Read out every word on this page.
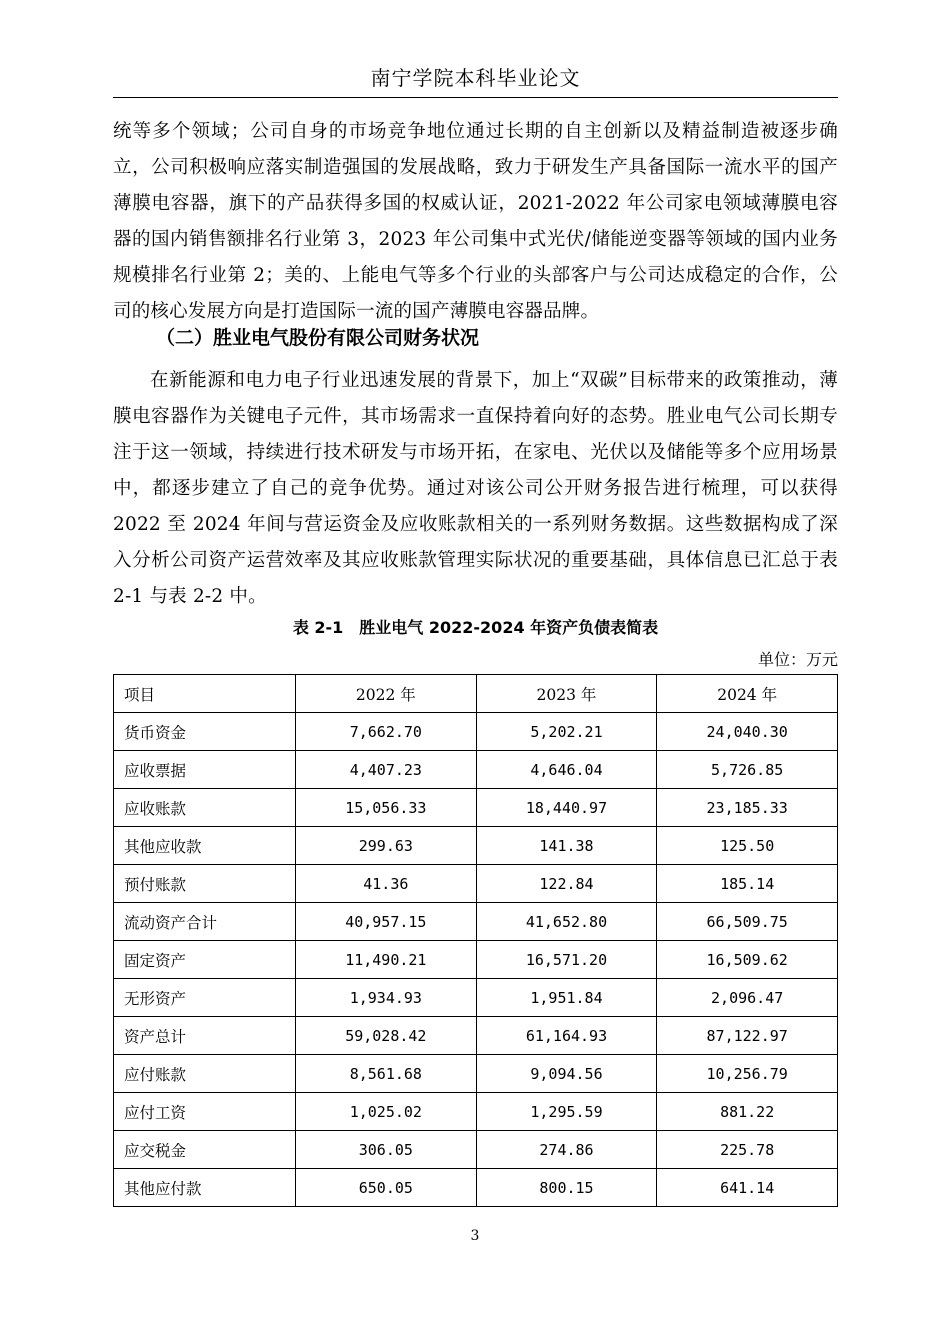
南宁学院本科毕业论文

统等多个领域；公司自身的市场竞争地位通过长期的自主创新以及精益制造被逐步确立，公司积极响应落实制造强国的发展战略，致力于研发生产具备国际一流水平的国产薄膜电容器，旗下的产品获得多国的权威认证，2021-2022 年公司家电领域薄膜电容器的国内销售额排名行业第 3，2023 年公司集中式光伏/储能逆变器等领域的国内业务规模排名行业第 2；美的、上能电气等多个行业的头部客户与公司达成稳定的合作，公司的核心发展方向是打造国际一流的国产薄膜电容器品牌。

（二）胜业电气股份有限公司财务状况

在新能源和电力电子行业迅速发展的背景下，加上“双碳”目标带来的政策推动，薄膜电容器作为关键电子元件，其市场需求一直保持着向好的态势。胜业电气公司长期专注于这一领域，持续进行技术研发与市场开拓，在家电、光伏以及储能等多个应用场景中，都逐步建立了自己的竞争优势。通过对该公司公开财务报告进行梳理，可以获得 2022 至 2024 年间与营运资金及应收账款相关的一系列财务数据。这些数据构成了深入分析公司资产运营效率及其应收账款管理实际状况的重要基础，具体信息已汇总于表 2-1 与表 2-2 中。

表 2-1　胜业电气 2022-2024 年资产负债表简表
单位：万元
项目	2022 年	2023 年	2024 年
货币资金	7,662.70	5,202.21	24,040.30
应收票据	4,407.23	4,646.04	5,726.85
应收账款	15,056.33	18,440.97	23,185.33
其他应收款	299.63	141.38	125.50
预付账款	41.36	122.84	185.14
流动资产合计	40,957.15	41,652.80	66,509.75
固定资产	11,490.21	16,571.20	16,509.62
无形资产	1,934.93	1,951.84	2,096.47
资产总计	59,028.42	61,164.93	87,122.97
应付账款	8,561.68	9,094.56	10,256.79
应付工资	1,025.02	1,295.59	881.22
应交税金	306.05	274.86	225.78
其他应付款	650.05	800.15	641.14
3
